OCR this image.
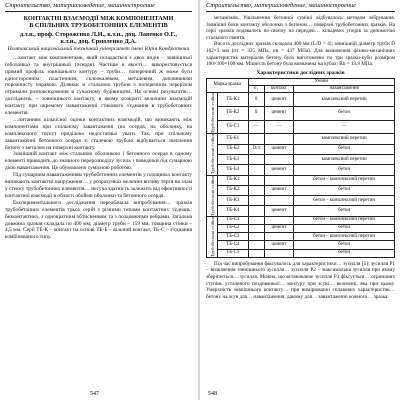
Строительство, материаловедение, машиностроение
КОНТАКТНІ ВЗАЄМОДІЇ МІЖ КОМПОНЕНТАМИ
В СПІЛЬНИХ ТРУБОБЕТОННИХ ЕЛЕМЕНТІВ
д.т.н., проф. Сторожснко Л.И., к.т.н., доц. Лавенко О.Г.,
к.т.н., доц. Єрмоленко Д.А.
Полтавський національний технічний університет імені Юрія Кондратюка

…контакт між компонентами, який складається з двох видів – зовнішньої (оболонка) та внутрішньої (осердя). Частіше в якості… використовується прямий профіль зовнішнього контуру – труби… поперечний ж може бути едностороннім: пластичним, склоокалевим, металевим, доповнюючи порожнисту оправою. Ділянки зі стальною трубою з поперечним перерізом отримали розповсюдження в сучасному будівництві. На основі результатів… досліджень, – зовнішнього контакту, в якому розкриті величини взаємодій контакту при окремому навантаженні стикового з'єднання в трубобетонних елементів.

…питанням кількісної оцінки контактних взаємодій, що виникають між компонентами при спільному завантаженні (на осердя, на оболонку, на комплексного тиску) приділено недостатньо уваги. Так, при спільному завантаженні бетонного осердя зі сталевою трубою відбувається зчеплення бетону з металом на поверхні контакту.

Зовнішній контакт між стальною оболонкою і бетонного осердя в одному елементі приводить до значного перерозподілу зусиль і поведінки під сумарною дією навантаження. Це обумовлено сумісною роботою.

Під сумарним навантаженням трубобетонних елементів у площинах контакту виникають контактні напруження… у розрахунках величин впливу тертя на злам у стиску трубобетонних елементів… несуча здатність залежить від ефективності контактної взаємодії в області обойми оболонки та бетонного осердя.

Експериментального дослідження передбачала випробування… зразків трубобетонних елементів трьох серій з різними типами контактних з'єднань: безконтактних, з однократним обтисненням та з поздовжніми ребрами. Загальна довжина зразків складала по 400 мм; діаметр труби – 159 мм, товщина стінки – 4,5 мм. Серії ТБ-К – контакт на основі ТБ-Б – вільний контакт, ТБ-С – з'єднання комбінованого типу.

547
Строительство, материаловедение, машиностроение

механізмів. Ущільнення бетонної суміші відбувалось методом вібрування. Зовнішні боки контакту оболонки з бетоном… поверхні трубобетонних зразків. На серії зразків подавалось по-своєму на передачі… кільцевих упорів за допомогою стального гвинта.

Висота дослідних зразків складала 400 мм (L/D = 4); зовнішній діаметр труби D 102×3 мм (σт = 325 МПа, σв = 437 МПа). Для визначення фізико-механічних характеристик матеріалів бетону було виготовлено по три зразки-куби розміром 100×100×100 мм. Міцність бетону була визначена на кубах: Rb = 13,8 МПа.

Характеристики дослідних зразків
Марка зразка		Умови		
		σ₁	контакт	навантаження

Трубобетонні стійки	ТБ-К1	0	цемент	комплексний перетин
	ТБ-К2	0	цемент	бетон
	ТБ-С1	—	—	—

Трубобетонні стійки	ТБ-Б1			комплексний перетин
	ТБ-Б2	D/4	цемент	бетон
	ТБ-Б3			комплексний перетин
	ТБ-Б4		цемент	бетон

Трубобетонні стійки	ТБ-К1			бетон – комплексний перетин
	ТБ-К2		цемент	бетон
	ТБ-К3			бетон – комплексний перетин
	ТБ-К4		цемент	бетон

Трубобетонні стійки	ТБ-С1			бетон – комплексний перетин
	ТБ-С2		цемент	бетон
	ТБ-С3			бетон – комплексний перетин
	ТБ-С4		цемент	бетон
	ТБ-С5			бетон

Під час випробування фіксувалось для характеристики… зусилля [5]: зусилля Р1 – визначення зовнішнього зусилля… зусилля Р2 – максимальна зусилля при якому зберігається… зусилля. Можна, що встановлене зусилля Р3 фіксується… отриманих ступінь усталеного поздовжньої… контуру при зсуві… величині, яка при цьому. Умерхність зовнішнього контакту… при вимірюванні сплавових характеристик… бетону на зсув для… навантаження, даному для… завантаженні кожного… зразка.

548
